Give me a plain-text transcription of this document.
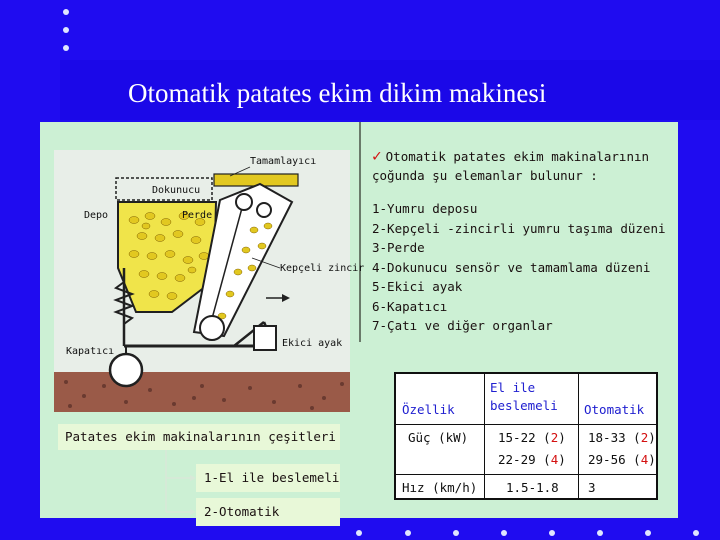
Otomatik patates ekim dikim makinesi
Tamamlayıcı
Dokunucu
Depo	Perde
Kepçeli zincir
Ekici ayak
Kapatıcı
✓ Otomatik patates ekim makinalarının çoğunda şu elemanlar bulunur :
1-Yumru deposu
2-Kepçeli -zincirli yumru taşıma düzeni
3-Perde
4-Dokunucu sensör ve tamamlama düzeni
5-Ekici ayak
6-Kapatıcı
7-Çatı ve diğer organlar
Patates ekim makinalarının çeşitleri
1-El ile beslemeli
2-Otomatik
Özellik
El ile
beslemeli Otomatik
Güç (kW) 15-22 (2)
22-29 (4)
18-33 (2)
29-56 (4)
Hız (km/h) 1.5-1.8 3
